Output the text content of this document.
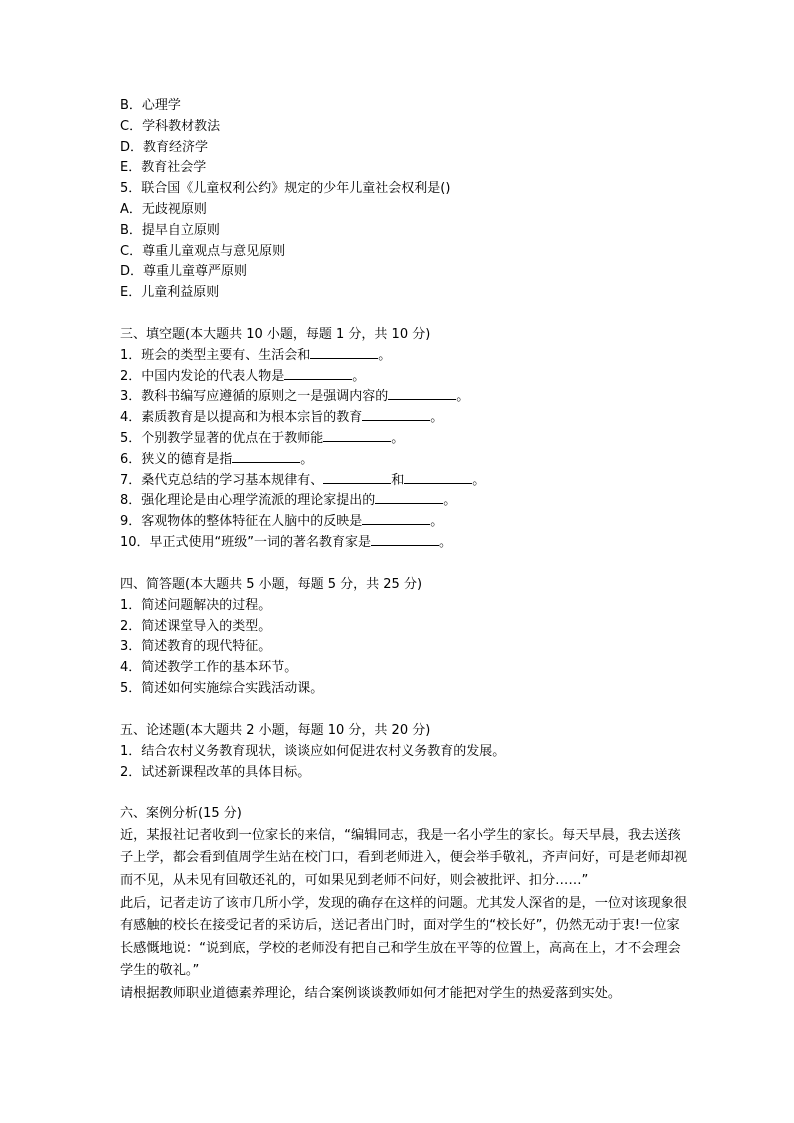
B．心理学
C．学科教材教法
D．教育经济学
E．教育社会学
5．联合国《儿童权利公约》规定的少年儿童社会权利是()
A．无歧视原则
B．提早自立原则
C．尊重儿童观点与意见原则
D．尊重儿童尊严原则
E．儿童利益原则
三、填空题(本大题共 10 小题，每题 1 分，共 10 分)
1．班会的类型主要有、生活会和	。
2．中国内发论的代表人物是	。
3．教科书编写应遵循的原则之一是强调内容的	。
4．素质教育是以提高和为根本宗旨的教育	。
5．个别教学显著的优点在于教师能	。
6．狭义的德育是指	。
7．桑代克总结的学习基本规律有、	和	。
8．强化理论是由心理学流派的理论家提出的	。
9．客观物体的整体特征在人脑中的反映是	。
10．早正式使用“班级”一词的著名教育家是	。
四、简答题(本大题共 5 小题，每题 5 分，共 25 分)
1．简述问题解决的过程。
2．简述课堂导入的类型。
3．简述教育的现代特征。
4．简述教学工作的基本环节。
5．简述如何实施综合实践活动课。
五、论述题(本大题共 2 小题，每题 10 分，共 20 分)
1．结合农村义务教育现状，谈谈应如何促进农村义务教育的发展。
2．试述新课程改革的具体目标。
六、案例分析(15 分)

近，某报社记者收到一位家长的来信，“编辑同志，我是一名小学生的家长。每天早晨，我去送孩子上学，都会看到值周学生站在校门口，看到老师进入，便会举手敬礼，齐声问好，可是老师却视而不见，从未见有回敬还礼的，可如果见到老师不问好，则会被批评、扣分……”

此后，记者走访了该市几所小学，发现的确存在这样的问题。尤其发人深省的是，一位对该现象很有感触的校长在接受记者的采访后，送记者出门时，面对学生的“校长好”，仍然无动于衷!一位家长感慨地说：“说到底，学校的老师没有把自己和学生放在平等的位置上，高高在上，才不会理会学生的敬礼。”

请根据教师职业道德素养理论，结合案例谈谈教师如何才能把对学生的热爱落到实处。
